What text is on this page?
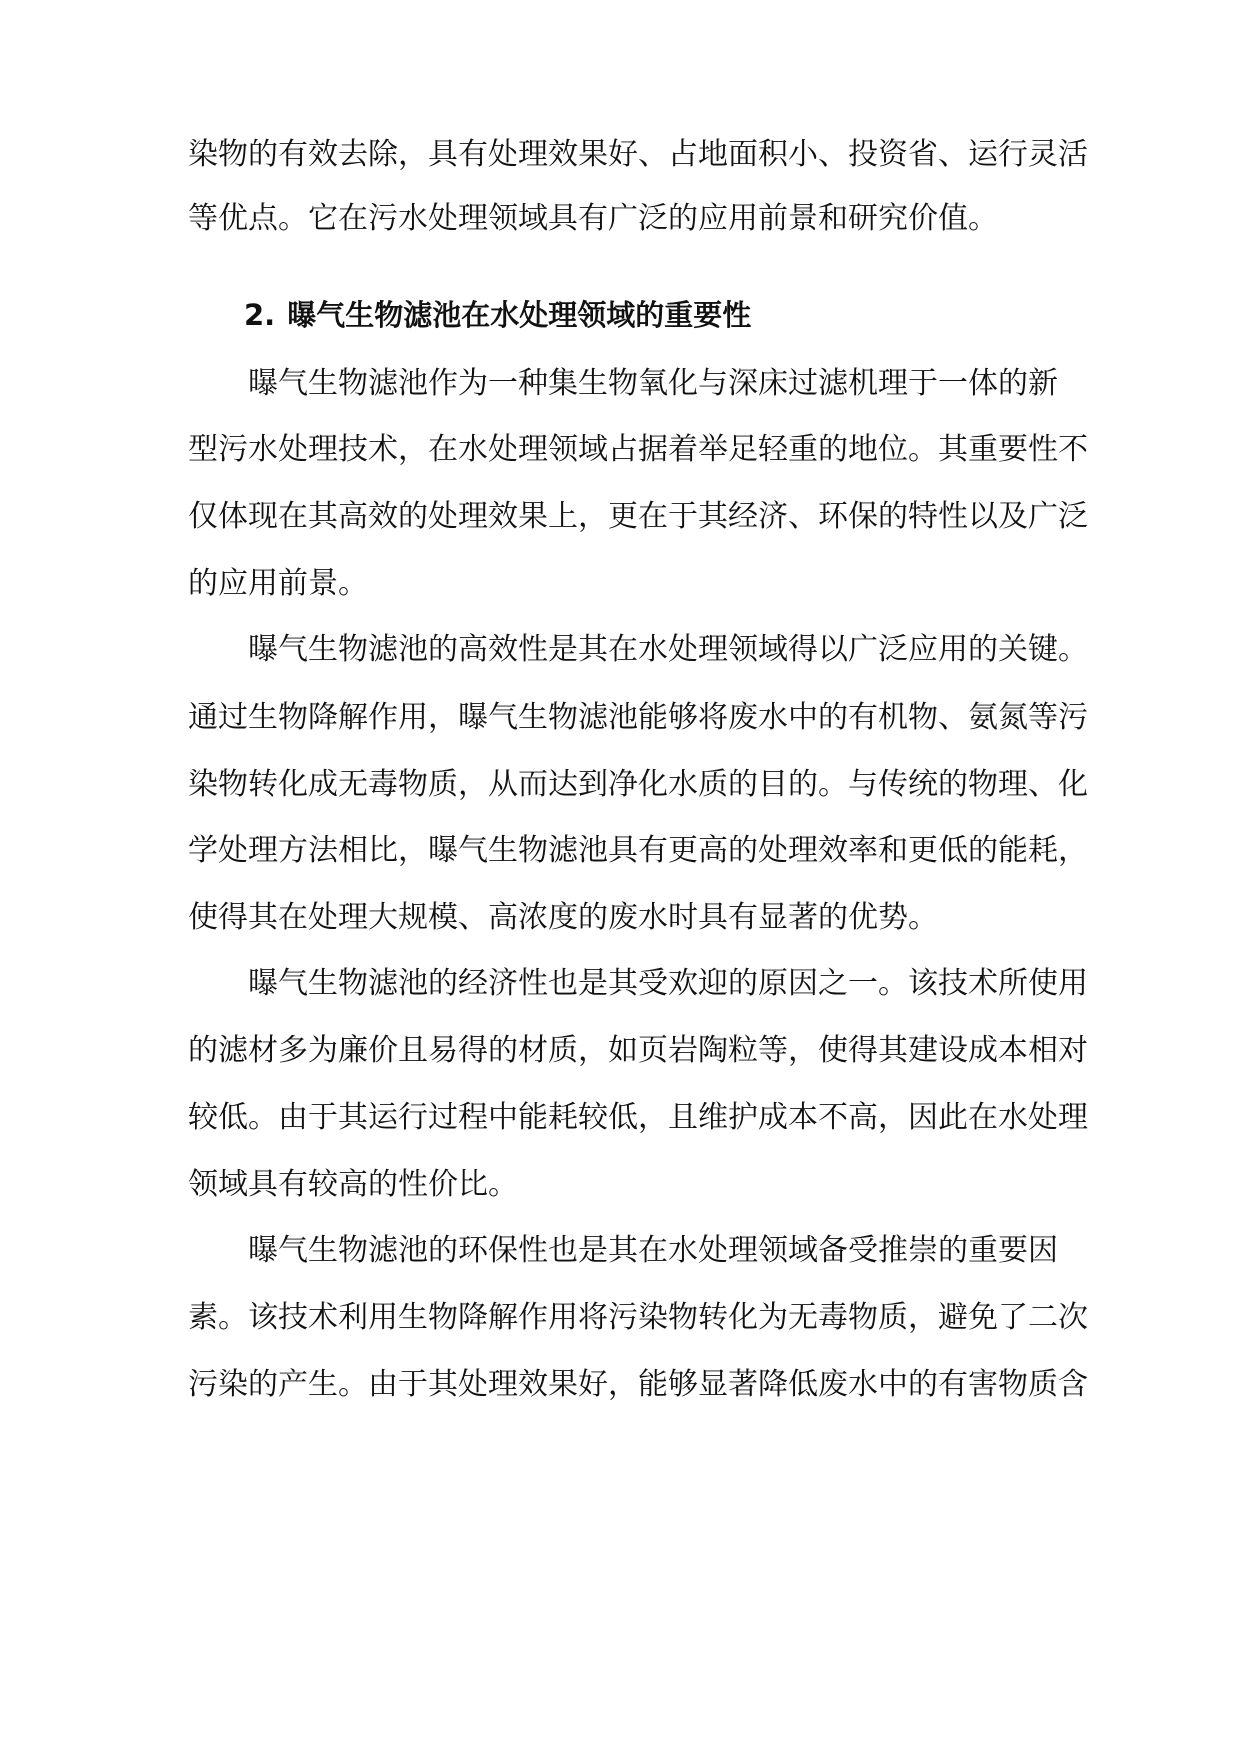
染物的有效去除，具有处理效果好、占地面积小、投资省、运行灵活
等优点。它在污水处理领域具有广泛的应用前景和研究价值。
2. 曝气生物滤池在水处理领域的重要性
曝气生物滤池作为一种集生物氧化与深床过滤机理于一体的新
型污水处理技术，在水处理领域占据着举足轻重的地位。其重要性不
仅体现在其高效的处理效果上，更在于其经济、环保的特性以及广泛
的应用前景。
曝气生物滤池的高效性是其在水处理领域得以广泛应用的关键。
通过生物降解作用，曝气生物滤池能够将废水中的有机物、氨氮等污
染物转化成无毒物质，从而达到净化水质的目的。与传统的物理、化
学处理方法相比，曝气生物滤池具有更高的处理效率和更低的能耗，
使得其在处理大规模、高浓度的废水时具有显著的优势。
曝气生物滤池的经济性也是其受欢迎的原因之一。该技术所使用
的滤材多为廉价且易得的材质，如页岩陶粒等，使得其建设成本相对
较低。由于其运行过程中能耗较低，且维护成本不高，因此在水处理
领域具有较高的性价比。
曝气生物滤池的环保性也是其在水处理领域备受推崇的重要因
素。该技术利用生物降解作用将污染物转化为无毒物质，避免了二次
污染的产生。由于其处理效果好，能够显著降低废水中的有害物质含
